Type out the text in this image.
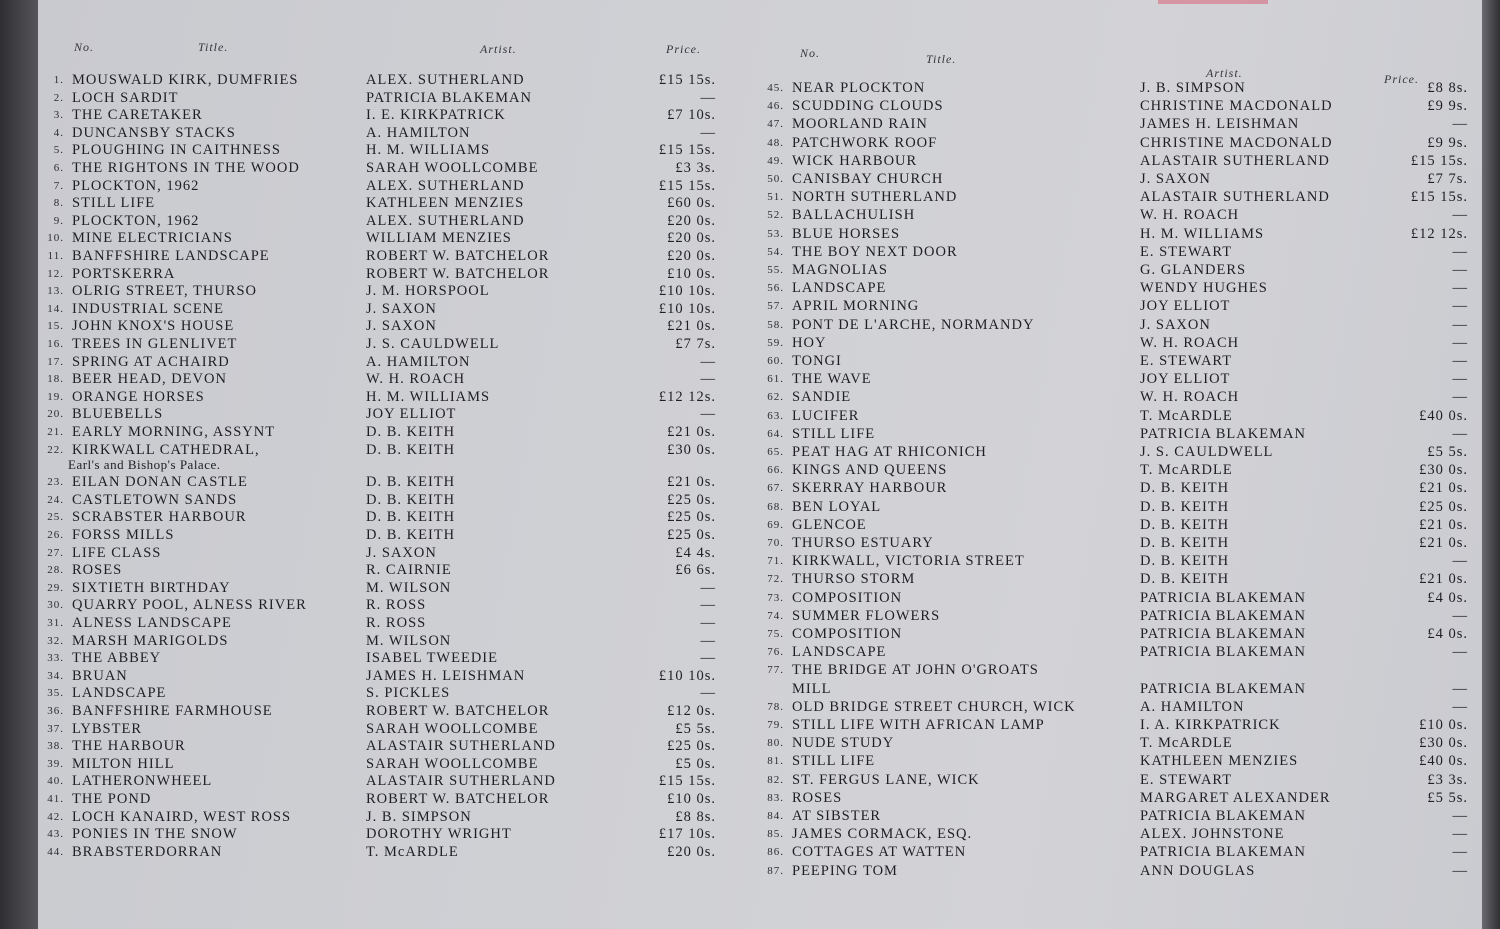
No.	Title.	Artist.	Price.	No.	Title.
Artist.	Price.
1. MOUSWALD KIRK, DUMFRIES	ALEX. SUTHERLAND	£15 15s.
2. LOCH SARDIT	PATRICIA BLAKEMAN	—
3. THE CARETAKER	I. E. KIRKPATRICK	£7 10s.
4. DUNCANSBY STACKS	A. HAMILTON	—
5. PLOUGHING IN CAITHNESS	H. M. WILLIAMS	£15 15s.
6. THE RIGHTONS IN THE WOOD	SARAH WOOLLCOMBE	£3 3s.
7. PLOCKTON, 1962	ALEX. SUTHERLAND	£15 15s.
8. STILL LIFE	KATHLEEN MENZIES	£60 0s.
9. PLOCKTON, 1962	ALEX. SUTHERLAND	£20 0s.
10. MINE ELECTRICIANS	WILLIAM MENZIES	£20 0s.
11. BANFFSHIRE LANDSCAPE	ROBERT W. BATCHELOR	£20 0s.
12. PORTSKERRA	ROBERT W. BATCHELOR	£10 0s.
13. OLRIG STREET, THURSO	J. M. HORSPOOL	£10 10s.
14. INDUSTRIAL SCENE	J. SAXON	£10 10s.
15. JOHN KNOX'S HOUSE	J. SAXON	£21 0s.
16. TREES IN GLENLIVET	J. S. CAULDWELL	£7 7s.
17. SPRING AT ACHAIRD	A. HAMILTON	—
18. BEER HEAD, DEVON	W. H. ROACH	—
19. ORANGE HORSES	H. M. WILLIAMS	£12 12s.
20. BLUEBELLS	JOY ELLIOT	—
21. EARLY MORNING, ASSYNT	D. B. KEITH	£21 0s.
22. KIRKWALL CATHEDRAL,	D. B. KEITH	£30 0s.
Earl's and Bishop's Palace.
23. EILAN DONAN CASTLE	D. B. KEITH	£21 0s.
24. CASTLETOWN SANDS	D. B. KEITH	£25 0s.
25. SCRABSTER HARBOUR	D. B. KEITH	£25 0s.
26. FORSS MILLS	D. B. KEITH	£25 0s.
27. LIFE CLASS	J. SAXON	£4 4s.
28. ROSES	R. CAIRNIE	£6 6s.
29. SIXTIETH BIRTHDAY	M. WILSON	—
30. QUARRY POOL, ALNESS RIVER	R. ROSS	—
31. ALNESS LANDSCAPE	R. ROSS	—
32. MARSH MARIGOLDS	M. WILSON	—
33. THE ABBEY	ISABEL TWEEDIE	—
34. BRUAN	JAMES H. LEISHMAN	£10 10s.
35. LANDSCAPE	S. PICKLES	—
36. BANFFSHIRE FARMHOUSE	ROBERT W. BATCHELOR	£12 0s.
37. LYBSTER	SARAH WOOLLCOMBE	£5 5s.
38. THE HARBOUR	ALASTAIR SUTHERLAND	£25 0s.
39. MILTON HILL	SARAH WOOLLCOMBE	£5 0s.
40. LATHERONWHEEL	ALASTAIR SUTHERLAND	£15 15s.
41. THE POND	ROBERT W. BATCHELOR	£10 0s.
42. LOCH KANAIRD, WEST ROSS	J. B. SIMPSON	£8 8s.
43. PONIES IN THE SNOW	DOROTHY WRIGHT	£17 10s.
44. BRABSTERDORRAN	T. McARDLE	£20 0s.
45. NEAR PLOCKTON	J. B. SIMPSON	£8 8s.
46. SCUDDING CLOUDS	CHRISTINE MACDONALD	£9 9s.
47. MOORLAND RAIN	JAMES H. LEISHMAN	—
48. PATCHWORK ROOF	CHRISTINE MACDONALD	£9 9s.
49. WICK HARBOUR	ALASTAIR SUTHERLAND	£15 15s.
50. CANISBAY CHURCH	J. SAXON	£7 7s.
51. NORTH SUTHERLAND	ALASTAIR SUTHERLAND	£15 15s.
52. BALLACHULISH	W. H. ROACH	—
53. BLUE HORSES	H. M. WILLIAMS	£12 12s.
54. THE BOY NEXT DOOR	E. STEWART	—
55. MAGNOLIAS	G. GLANDERS	—
56. LANDSCAPE	WENDY HUGHES	—
57. APRIL MORNING	JOY ELLIOT	—
58. PONT DE L'ARCHE, NORMANDY	J. SAXON	—
59. HOY	W. H. ROACH	—
60. TONGI	E. STEWART	—
61. THE WAVE	JOY ELLIOT	—
62. SANDIE	W. H. ROACH	—
63. LUCIFER	T. McARDLE	£40 0s.
64. STILL LIFE	PATRICIA BLAKEMAN	—
65. PEAT HAG AT RHICONICH	J. S. CAULDWELL	£5 5s.
66. KINGS AND QUEENS	T. McARDLE	£30 0s.
67. SKERRAY HARBOUR	D. B. KEITH	£21 0s.
68. BEN LOYAL	D. B. KEITH	£25 0s.
69. GLENCOE	D. B. KEITH	£21 0s.
70. THURSO ESTUARY	D. B. KEITH	£21 0s.
71. KIRKWALL, VICTORIA STREET	D. B. KEITH	—
72. THURSO STORM	D. B. KEITH	£21 0s.
73. COMPOSITION	PATRICIA BLAKEMAN	£4 0s.
74. SUMMER FLOWERS	PATRICIA BLAKEMAN	—
75. COMPOSITION	PATRICIA BLAKEMAN	£4 0s.
76. LANDSCAPE	PATRICIA BLAKEMAN	—
77. THE BRIDGE AT JOHN O'GROATS
MILL	PATRICIA BLAKEMAN	—
78. OLD BRIDGE STREET CHURCH, WICK	A. HAMILTON	—
79. STILL LIFE WITH AFRICAN LAMP	I. A. KIRKPATRICK	£10 0s.
80. NUDE STUDY	T. McARDLE	£30 0s.
81. STILL LIFE	KATHLEEN MENZIES	£40 0s.
82. ST. FERGUS LANE, WICK	E. STEWART	£3 3s.
83. ROSES	MARGARET ALEXANDER	£5 5s.
84. AT SIBSTER	PATRICIA BLAKEMAN	—
85. JAMES CORMACK, ESQ.	ALEX. JOHNSTONE	—
86. COTTAGES AT WATTEN	PATRICIA BLAKEMAN	—
87. PEEPING TOM	ANN DOUGLAS	—
